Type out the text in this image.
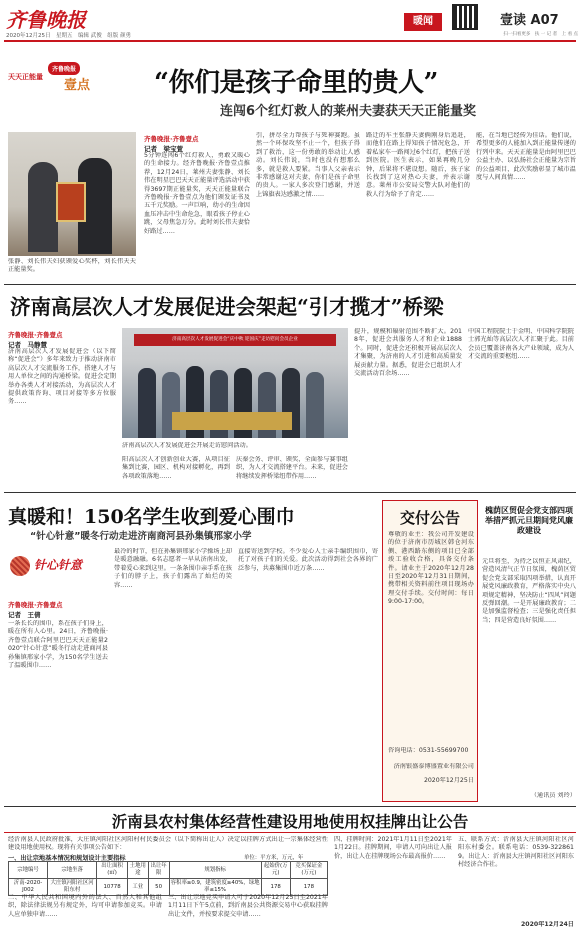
齐鲁晚报
2020年12月25日　星期五　编辑 武俊　组版 颜勇
暖闻	壹读 A07
扫一扫看更多　扶 一 记 者　上 看 点
天天正能量
齐鲁晚报
壹点 “你们是孩子命里的贵人”
连闯6个红灯救人的莱州夫妻获天天正能量奖
张静、刘长伟夫妇获颁爱心奖杯，刘长伟天天正能量奖。
齐鲁晚报·齐鲁壹点
记者　梁宝萱
5分钟连闯6个红灯救人，勇敢又暖心的生命接力。经齐鲁晚报·齐鲁壹点推荐，12月24日，莱州夫妻张静、刘长伟在明星巴巴天天正能量评选活动中获得3697期正能量奖，天天正能量联合齐鲁晚报·齐鲁壹点为他们颁发证书及五千元奖励。一声巨响，幼小的生命因血压冲击中生命危急，眼看孩子停止心跳，父母焦急万分。此时刘长伟夫妻恰好路过……
引，拼尽全力帮孩子与死神赛跑。虽然一个环保攻坚不止一个，但孩子得到了救治，这一份勇敢的举动让人感动。刘长伟说，当时也没有想那么多，就是救人要紧。当事人父亲表示非常感谢这对夫妻，你们是孩子命里的贵人。一家人多次登门感谢，并送上锦旗表达感激之情……
路迁的车主张静夫妻俩刚身后追赶，而他们在路上得知孩子情况危急，开着私家车一路闯过6个红灯，把孩子送到医院。医生表示，如果再晚几分钟，后果将不堪设想。随后，孩子家长找到了这对热心夫妻，并表示谢意。莱州市公安局交警大队对他们的救人行为给予了肯定……
能，在当地已经传为佳话。他们说，希望更多的人能加入到正能量传递的行列中来。天天正能量是由阿里巴巴公益主办、以弘扬社会正能量为宗旨的公益项目，此次奖励彰显了城市温度与人间真情……
济南高层次人才发展促进会架起“引才揽才”桥梁
齐鲁晚报·齐鲁壹点
记者　马静慧
济南高层次人才发展促进会（以下简称“促进会”）多年来致力于推动济南市高层次人才交流服务工作，搭建人才与用人单位之间的沟通桥梁。促进会定期举办各类人才对接活动，为高层次人才提供政策咨询、项目对接等多方位服务……
济南高层次人才发展促进会“庆中秋 迎国庆”走访慰问会员企业
济南高层次人才发展促进会开展走访慰问活动。
阳高层次人才创新创业大赛，从项目征集到比赛，园区、机构对接孵化，再到各项政策落地……
庆秦会务、评审、颁奖，全面参与赛事组织，为人才交流搭建平台。未来，促进会将继续发挥桥梁纽带作用……
提升，规模和辐射范围不断扩大。2018年，促进会共服务人才和企业1888个。同时，促进会还积极开展高层次人才集聚，为济南的人才引进和高质量发展贡献力量。据悉，促进会已组织人才交流活动百余场……
中国工程院院士于金明、中国科学院院士郭光灿等高层次人才汇聚于此。目前会员已覆盖济南各大产业领域，成为人才交流的重要枢纽……
真暖和！150名学生收到爱心围巾
“针心针意”暖冬行动走进济南商河县孙集镇邢家小学
针心针意
齐鲁晚报·齐鲁壹点
记者　王倩
一条长长的围巾，系在孩子们身上，暖在所有人心里。24日，齐鲁晚报·齐鲁壹点联合阿里巴巴天天正能量2020“针心针意”暖冬行动走进商河县孙集镇邢家小学，为150名学生送去了温暖围巾……
最冷的时节，但在孙集镇邢家小学操场上却是暖意融融。6名志愿者一早从济南出发，带着爱心来到这里。一条条围巾亲手系在孩子们的脖子上，孩子们露出了灿烂的笑容……
直接寄送到学校。不少爱心人士亲手编织围巾，寄托了对孩子们的关爱。此次活动得到社会各界的广泛参与，共募集围巾近万条……
交付公告
尊敬的业主：我公司开发建设的位于济南市历城区韩仓河东侧、港西路东侧的项目已全部竣工验收合格，具备交付条件。请业主于2020年12月28日至2020年12月31日期间，携带相关资料前往项目现场办理交付手续。交付时间：每日9:00-17:00。
咨询电话：0531-55699700
济南银盛泰博盛置业有限公司
2020年12月25日
槐荫区贸促会党支部四项举措严抓元旦期间党风廉政建设
元旦将至，为持之以恒正风肃纪，营造风清气正节日氛围，槐荫区贸促会党支部采取四项举措，认真开展党风廉政教育，严格落实中央八项规定精神，坚决防止“四风”问题反弹回潮。一是开展廉政教育；二是加强监督检查；三是强化责任担当；四是营造良好氛围……
（通讯员 刘玲）
沂南县农村集体经营性建设用地使用权挂牌出让公告
经沂南县人民政府批准，大庄镇河阳社区河阳村村民委员会（以下简称出让人）决定以挂牌方式出让一宗集体经营性建设用地使用权。现将有关事项公告如下：
一、出让宗地基本情况和规划设计主要指标	单位：平方米，万元，年
宗地编号	宗地坐落	出让面积(㎡)	土地用途	出让年限	规划指标	起始价(万元)	竞买保证金(万元)
沂南-2020-J002	大庄镇河阳社区河阳东村	10778	工业	50	容积率≥0.9，建筑密度≥40%，绿地率≤15%	178	178
二、中华人民共和国境内外的法人、自然人和其他组织，除法律法规另有规定外，均可申请参加竞买。申请人应单独申请……
三、出让宗地竞买申请人可于2020年12月25日至2021年1月11日下午5点前，到沂南县公共资源交易中心获取挂牌出让文件，并按要求提交申请……
四、挂牌时间：2021年1月11日至2021年1月22日。挂牌期间，申请人可向出让人报价，出让人在挂牌现场公布最高报价……
五、联系方式：沂南县大庄镇河阳社区河阳东村委会。联系电话：0539-3228619。出让人：沂南县大庄镇河阳社区河阳东村经济合作社。
2020年12月24日
